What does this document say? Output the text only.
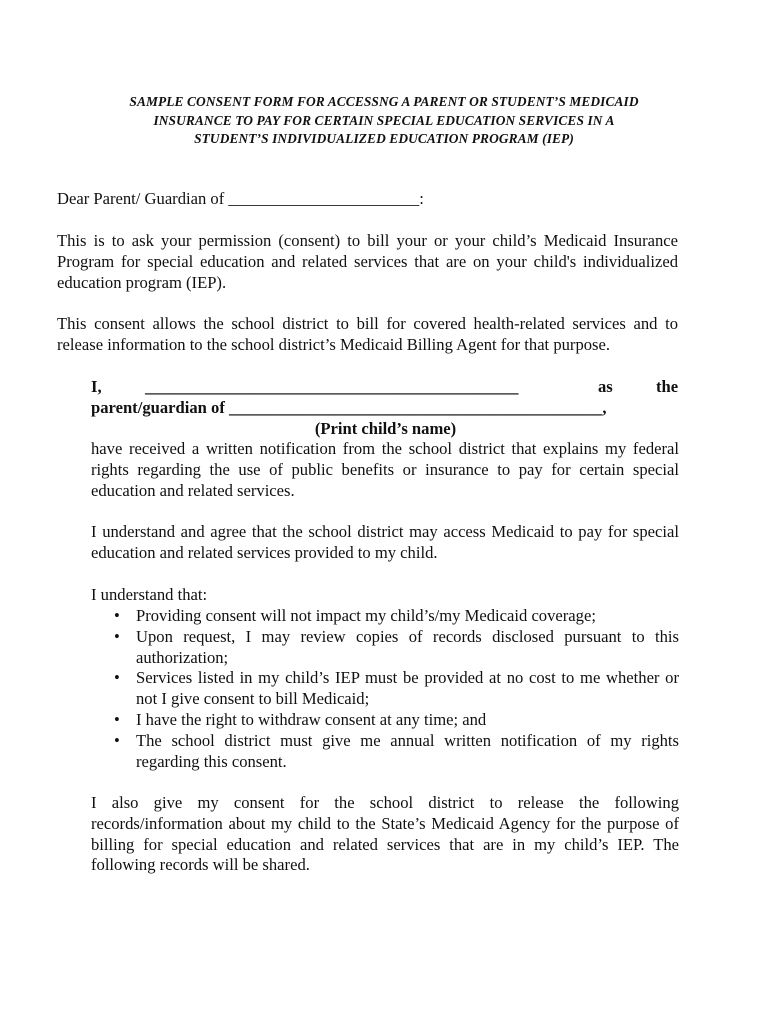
SAMPLE CONSENT FORM FOR ACCESSNG A PARENT OR STUDENT’S MEDICAID
INSURANCE TO PAY FOR CERTAIN SPECIAL EDUCATION SERVICES IN A
STUDENT’S INDIVIDUALIZED EDUCATION PROGRAM (IEP)
Dear Parent/ Guardian of _______________________:
This is to ask your permission (consent) to bill your or your child’s Medicaid Insurance Program for special education and related services that are on your child's individualized education program (IEP).
This consent allows the school district to bill for covered health-related services and to release information to the school district’s Medicaid Billing Agent for that purpose.
I,	_____________________________________________	as	the
parent/guardian of _____________________________________________,
(Print child’s name)
have received a written notification from the school district that explains my federal rights regarding the use of public benefits or insurance to pay for certain special education and related services.
I understand and agree that the school district may access Medicaid to pay for special education and related services provided to my child.
I understand that:
• Providing consent will not impact my child’s/my Medicaid coverage;
• Upon request, I may review copies of records disclosed pursuant to this authorization;
• Services listed in my child’s IEP must be provided at no cost to me whether or not I give consent to bill Medicaid;
• I have the right to withdraw consent at any time; and
• The school district must give me annual written notification of my rights regarding this consent.
I also give my consent for the school district to release the following records/information about my child to the State’s Medicaid Agency for the purpose of billing for special education and related services that are in my child’s IEP. The following records will be shared.
